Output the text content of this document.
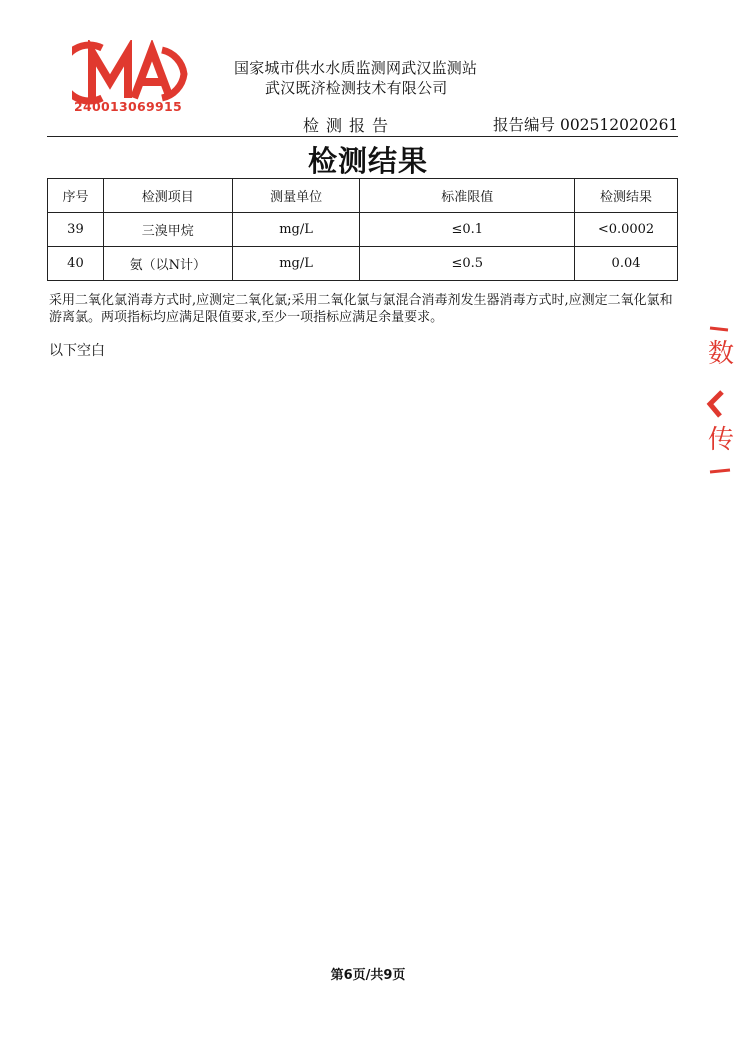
240013069915
国家城市供水水质监测网武汉监测站
武汉既济检测技术有限公司
检测报告	报告编号 002512020261
检测结果
序号	检测项目	测量单位	标准限值	检测结果
39	三溴甲烷	mg/L	≤0.1	<0.0002
40	氨（以N计）	mg/L	≤0.5	0.04
采用二氧化氯消毒方式时,应测定二氧化氯;采用二氧化氯与氯混合消毒剂发生器消毒方式时,应测定二氧化氯和游离氯。两项指标均应满足限值要求,至少一项指标应满足余量要求。
以下空白	数
传
第6页/共9页
